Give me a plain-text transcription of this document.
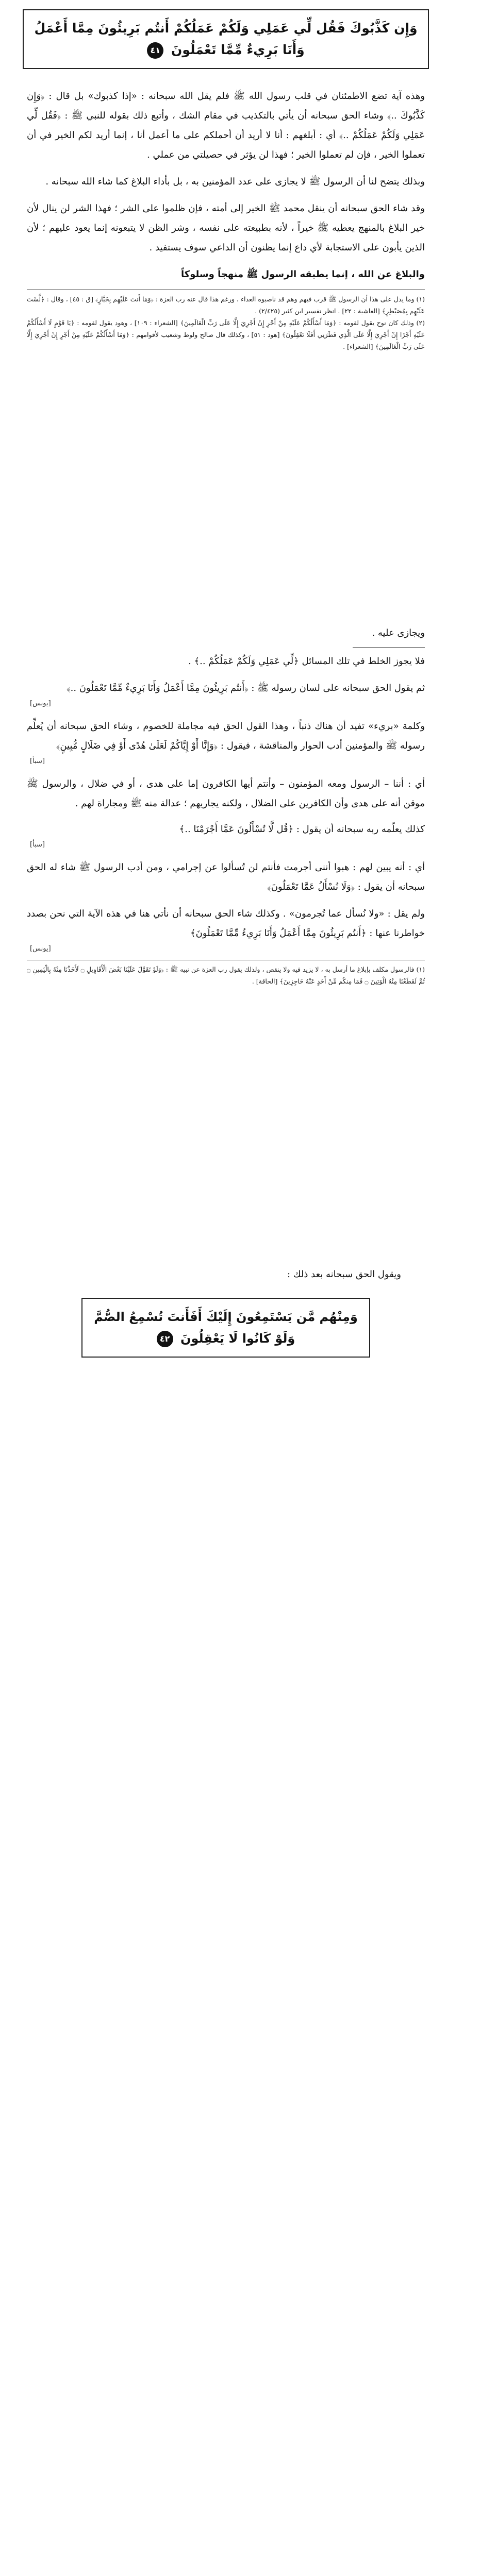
وَإِن كَذَّبُوكَ فَقُل لِّي عَمَلِي وَلَكُمْ عَمَلُكُمْ أَنتُم بَرِيئُونَ مِمَّا أَعْمَلُ وَأَنَا بَرِيءٌ مِّمَّا تَعْمَلُونَ ٤١

وهذه آية تضع الاطمئنان في قلب رسول الله ﷺ فلم يقل الله سبحانه : «إذا كذبوك» بل قال : ﴿وَإِن كَذَّبُوكَ ..﴾ وشاء الحق سبحانه أن يأتي بالتكذيب في مقام الشك ، وأتبع ذلك بقوله للنبي ﷺ : ﴿فَقُل لِّي عَمَلِي وَلَكُمْ عَمَلُكُمْ ..﴾ أي : أبلغهم : أنا لا أريد أن أحملكم على ما أعمل أنا ، إنما أريد لكم الخير في أن تعملوا الخير ، فإن لم تعملوا الخير ؛ فهذا لن يؤثر في حصيلتي من عملي .

وبذلك يتضح لنا أن الرسول ﷺ لا يجازى على عدد المؤمنين به ، بل بأداء البلاغ كما شاء الله سبحانه .

وقد شاء الحق سبحانه أن ينقل محمد ﷺ الخير إلى أمته ، فإن ظلموا على الشر ؛ فهذا الشر لن ينال لأن خير البلاغ بالمنهج يعطيه ﷺ خيراً ، لأنه بطبيعته على نفسه ، وشر الظن لا يتبعونه إنما يعود عليهم ؛ لأن الذين يأبون على الاستجابة لأي داع إنما يظنون أن الداعي سوف يستفيد .

والبلاغ عن الله ، إنما يطبقه الرسول ﷺ منهجاً وسلوكاً

(١) وما يدل على هذا أن الرسول ﷺ قرب فيهم وهم قد ناصبوه العداء ، ورغم هذا قال عنه رب العزة : ﴿وَمَا أَنتَ عَلَيْهِم بِجَبَّارٍ﴾ [ق : ٤٥] ، وقال : ﴿لَّسْتَ عَلَيْهِم بِمُصَيْطِرٍ﴾ [الغاشية : ٢٢] . انظر تفسير ابن كثير (٢/٤٢٥) .

(٢) وذلك كان نوح يقول لقومه : ﴿وَمَا أَسْأَلُكُمْ عَلَيْهِ مِنْ أَجْرٍ إِنْ أَجْرِيَ إِلَّا عَلَى رَبِّ الْعَالَمِينَ﴾ [الشعراء : ١٠٩] ، وهود يقول لقومه : ﴿يَا قَوْمِ لَا أَسْأَلُكُمْ عَلَيْهِ أَجْرًا إِنْ أَجْرِيَ إِلَّا عَلَى الَّذِي فَطَرَنِي أَفَلَا تَعْقِلُونَ﴾ [هود : ٥١] ، وكذلك قال صالح ولوط وشعيب لأقوامهم : ﴿وَمَا أَسْأَلُكُمْ عَلَيْهِ مِنْ أَجْرٍ إِنْ أَجْرِيَ إِلَّا عَلَى رَبِّ الْعَالَمِينَ﴾ [الشعراء] .

ويجازى عليه .

فلا يجوز الخلط في تلك المسائل ﴿لِّي عَمَلِي وَلَكُمْ عَمَلُكُمْ ..﴾ .

ثم يقول الحق سبحانه على لسان رسوله ﷺ : ﴿أَنتُم بَرِيئُونَ مِمَّا أَعْمَلُ وَأَنَا بَرِيءٌ مِّمَّا تَعْمَلُونَ ..﴾

[يونس]

وكلمة «بريء» تفيد أن هناك ذنباً ، وهذا القول الحق فيه مجاملة للخصوم ، وشاء الحق سبحانه أن يُعلِّم رسوله ﷺ والمؤمنين أدب الحوار والمناقشة ، فيقول : ﴿وَإِنَّا أَوْ إِيَّاكُمْ لَعَلَىٰ هُدًى أَوْ فِي ضَلَالٍ مُّبِينٍ﴾

[سبأ]

أي : أننا – الرسول ومعه المؤمنون – وأنتم أيها الكافرون إما على هدى ، أو في ضلال ، والرسول ﷺ موقن أنه على هدى وأن الكافرين على الضلال ، ولكنه يجاريهم ؛ عدالة منه ﷺ ومجاراة لهم .

كذلك يعلّمه ربه سبحانه أن يقول : ﴿قُل لَّا تُسْأَلُونَ عَمَّا أَجْرَمْنَا ..﴾

[سبأ]

أي : أنه يبين لهم : هبوا أننى أجرمت فأنتم لن تُسألوا عن إجرامي ، ومن أدب الرسول ﷺ شاء له الحق سبحانه أن يقول : ﴿وَلَا نُسْأَلُ عَمَّا تَعْمَلُونَ﴾

ولم يقل : «ولا نُسأل عما تُجرمون» . وكذلك شاء الحق سبحانه أن نأتي هنا في هذه الآية التي نحن بصدد خواطرنا عنها : ﴿أَنتُم بَرِيئُونَ مِمَّا أَعْمَلُ وَأَنَا بَرِيءٌ مِّمَّا تَعْمَلُونَ﴾

[يونس]

(١) فالرسول مكلف بإبلاغ ما أرسل به ، لا يزيد فيه ولا ينقص ، ولذلك يقول رب العزة عن نبيه ﷺ : ﴿وَلَوْ تَقَوَّلَ عَلَيْنَا بَعْضَ الْأَقَاوِيلِ ۝ لَأَخَذْنَا مِنْهُ بِالْيَمِينِ ۝ ثُمَّ لَقَطَعْنَا مِنْهُ الْوَتِينَ ۝ فَمَا مِنكُم مِّنْ أَحَدٍ عَنْهُ حَاجِزِينَ﴾ [الحاقة] .

ويقول الحق سبحانه بعد ذلك :

وَمِنْهُم مَّن يَسْتَمِعُونَ إِلَيْكَ أَفَأَنتَ تُسْمِعُ الصُّمَّ وَلَوْ كَانُوا لَا يَعْقِلُونَ ٤٢
